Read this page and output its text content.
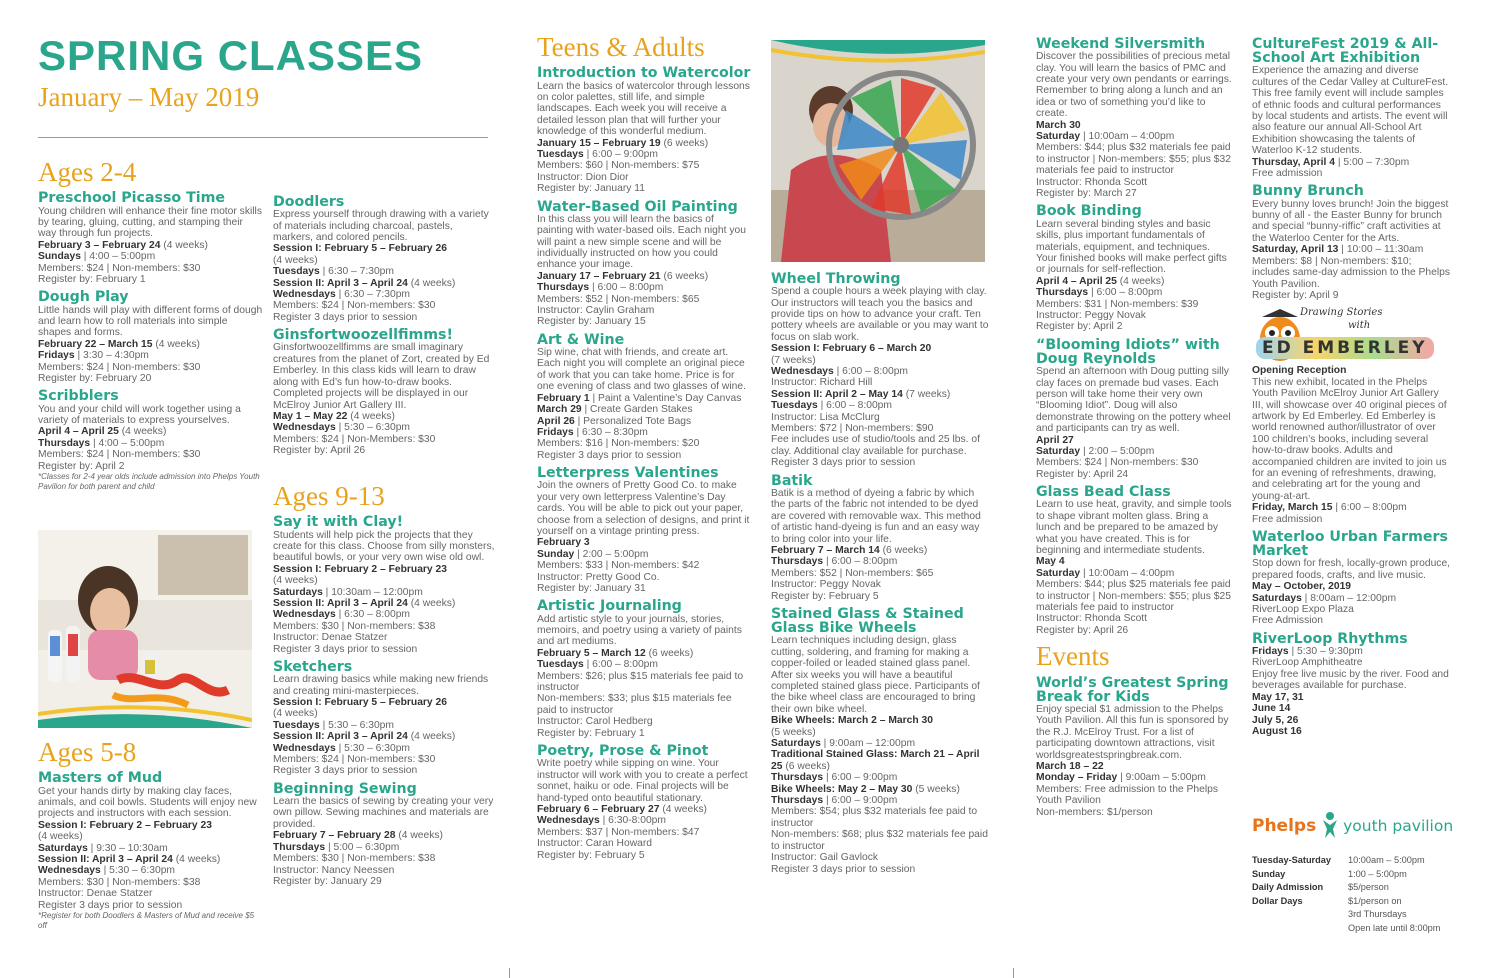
SPRING CLASSES
January – May 2019
Ages 2-4
Preschool Picasso Time
Young children will enhance their fine motor skills by tearing, gluing, cutting, and stamping their way through fun projects.
February 3 – February 24 (4 weeks)
Sundays | 4:00 – 5:00pm
Members: $24 | Non-members: $30
Register by: February 1
Dough Play
Little hands will play with different forms of dough and learn how to roll materials into simple shapes and forms.
February 22 – March 15 (4 weeks)
Fridays | 3:30 – 4:30pm
Members: $24 | Non-members: $30
Register by: February 20
Scribblers
You and your child will work together using a variety of materials to express yourselves.
April 4 – April 25 (4 weeks)
Thursdays | 4:00 – 5:00pm
Members: $24 | Non-members: $30
Register by: April 2
*Classes for 2-4 year olds include admission into Phelps Youth Pavilion for both parent and child
Ages 5-8
Masters of Mud
Get your hands dirty by making clay faces, animals, and coil bowls. Students will enjoy new projects and instructors with each session.
Session I: February 2 – February 23
(4 weeks)
Saturdays | 9:30 – 10:30am
Session II: April 3 – April 24 (4 weeks)
Wednesdays | 5:30 – 6:30pm
Members: $30 | Non-members: $38
Instructor: Denae Statzer
Register 3 days prior to session
*Register for both Doodlers & Masters of Mud and receive $5 off
Doodlers
Express yourself through drawing with a variety of materials including charcoal, pastels, markers, and colored pencils.
Session I: February 5 – February 26
(4 weeks)
Tuesdays | 6:30 – 7:30pm
Session II: April 3 – April 24 (4 weeks)
Wednesdays | 6:30 – 7:30pm
Members: $24 | Non-members: $30
Register 3 days prior to session
Ginsfortwoozellfimms!
Ginsfortwoozellfimms are small imaginary creatures from the planet of Zort, created by Ed Emberley. In this class kids will learn to draw along with Ed’s fun how-to-draw books. Completed projects will be displayed in our McElroy Junior Art Gallery III.
May 1 – May 22 (4 weeks)
Wednesdays | 5:30 – 6:30pm
Members: $24 | Non-Members: $30
Register by: April 26
Ages 9-13
Say it with Clay!
Students will help pick the projects that they create for this class. Choose from silly monsters, beautiful bowls, or your very own wise old owl.
Session I: February 2 – February 23
(4 weeks)
Saturdays | 10:30am – 12:00pm
Session II: April 3 – April 24 (4 weeks)
Wednesdays | 6:30 – 8:00pm
Members: $30 | Non-members: $38
Instructor: Denae Statzer
Register 3 days prior to session
Sketchers
Learn drawing basics while making new friends and creating mini-masterpieces.
Session I: February 5 – February 26
(4 weeks)
Tuesdays | 5:30 – 6:30pm
Session II: April 3 – April 24 (4 weeks)
Wednesdays | 5:30 – 6:30pm
Members: $24 | Non-members: $30
Register 3 days prior to session
Beginning Sewing
Learn the basics of sewing by creating your very own pillow. Sewing machines and materials are provided.
February 7 – February 28 (4 weeks)
Thursdays | 5:00 – 6:30pm
Members: $30 | Non-members: $38
Instructor: Nancy Neessen
Register by: January 29
Teens & Adults
Introduction to Watercolor
Learn the basics of watercolor through lessons on color palettes, still life, and simple landscapes. Each week you will receive a detailed lesson plan that will further your knowledge of this wonderful medium.
January 15 – February 19 (6 weeks)
Tuesdays | 6:00 – 9:00pm
Members: $60 | Non-members: $75
Instructor: Dion Dior
Register by: January 11
Water-Based Oil Painting
In this class you will learn the basics of painting with water-based oils. Each night you will paint a new simple scene and will be individually instructed on how you could enhance your image.
January 17 – February 21 (6 weeks)
Thursdays | 6:00 – 8:00pm
Members: $52 | Non-members: $65
Instructor: Caylin Graham
Register by: January 15
Art & Wine
Sip wine, chat with friends, and create art. Each night you will complete an original piece of work that you can take home. Price is for one evening of class and two glasses of wine.
February 1 | Paint a Valentine’s Day Canvas
March 29 | Create Garden Stakes
April 26 | Personalized Tote Bags
Fridays | 6:30 – 8:30pm
Members: $16 | Non-members: $20
Register 3 days prior to session
Letterpress Valentines
Join the owners of Pretty Good Co. to make your very own letterpress Valentine’s Day cards. You will be able to pick out your paper, choose from a selection of designs, and print it yourself on a vintage printing press.
February 3
Sunday | 2:00 – 5:00pm
Members: $33 | Non-members: $42
Instructor: Pretty Good Co.
Register by: January 31
Artistic Journaling
Add artistic style to your journals, stories, memoirs, and poetry using a variety of paints and art mediums.
February 5 – March 12 (6 weeks)
Tuesdays | 6:00 – 8:00pm
Members: $26; plus $15 materials fee paid to instructor
Non-members: $33; plus $15 materials fee paid to instructor
Instructor: Carol Hedberg
Register by: February 1
Poetry, Prose & Pinot
Write poetry while sipping on wine. Your instructor will work with you to create a perfect sonnet, haiku or ode. Final projects will be hand-typed onto beautiful stationary.
February 6 – February 27 (4 weeks)
Wednesdays | 6:30-8:00pm
Members: $37 | Non-members: $47
Instructor: Caran Howard
Register by: February 5
Wheel Throwing
Spend a couple hours a week playing with clay. Our instructors will teach you the basics and provide tips on how to advance your craft. Ten pottery wheels are available or you may want to focus on slab work.
Session I: February 6 – March 20
(7 weeks)
Wednesdays | 6:00 – 8:00pm
Instructor: Richard Hill
Session II: April 2 – May 14 (7 weeks)
Tuesdays | 6:00 – 8:00pm
Instructor: Lisa McClurg
Members: $72 | Non-members: $90
Fee includes use of studio/tools and 25 lbs. of clay. Additional clay available for purchase.
Register 3 days prior to session
Batik
Batik is a method of dyeing a fabric by which the parts of the fabric not intended to be dyed are covered with removable wax. This method of artistic hand-dyeing is fun and an easy way to bring color into your life.
February 7 – March 14 (6 weeks)
Thursdays | 6:00 – 8:00pm
Members: $52 | Non-members: $65
Instructor: Peggy Novak
Register by: February 5
Stained Glass & Stained Glass Bike Wheels
Learn techniques including design, glass cutting, soldering, and framing for making a copper-foiled or leaded stained glass panel. After six weeks you will have a beautiful completed stained glass piece. Participants of the bike wheel class are encouraged to bring their own bike wheel.
Bike Wheels: March 2 – March 30
(5 weeks)
Saturdays | 9:00am – 12:00pm
Traditional Stained Glass: March 21 – April 25 (6 weeks)
Thursdays | 6:00 – 9:00pm
Bike Wheels: May 2 – May 30 (5 weeks)
Thursdays | 6:00 – 9:00pm
Members: $54; plus $32 materials fee paid to instructor
Non-members: $68; plus $32 materials fee paid to instructor
Instructor: Gail Gavlock
Register 3 days prior to session
Weekend Silversmith
Discover the possibilities of precious metal clay. You will learn the basics of PMC and create your very own pendants or earrings. Remember to bring along a lunch and an idea or two of something you’d like to create.
March 30
Saturday | 10:00am – 4:00pm
Members: $44; plus $32 materials fee paid to instructor | Non-members: $55; plus $32 materials fee paid to instructor
Instructor: Rhonda Scott
Register by: March 27
Book Binding
Learn several binding styles and basic skills, plus important fundamentals of materials, equipment, and techniques. Your finished books will make perfect gifts or journals for self-reflection.
April 4 – April 25 (4 weeks)
Thursdays | 6:00 – 8:00pm
Members: $31 | Non-members: $39
Instructor: Peggy Novak
Register by: April 2
“Blooming Idiots” with Doug Reynolds
Spend an afternoon with Doug putting silly clay faces on premade bud vases. Each person will take home their very own “Blooming Idiot”. Doug will also demonstrate throwing on the pottery wheel and participants can try as well.
April 27
Saturday | 2:00 – 5:00pm
Members: $24 | Non-members: $30
Register by: April 24
Glass Bead Class
Learn to use heat, gravity, and simple tools to shape vibrant molten glass. Bring a lunch and be prepared to be amazed by what you have created. This is for beginning and intermediate students.
May 4
Saturday | 10:00am – 4:00pm
Members: $44; plus $25 materials fee paid to instructor | Non-members: $55; plus $25 materials fee paid to instructor
Instructor: Rhonda Scott
Register by: April 26
Events
World’s Greatest Spring Break for Kids
Enjoy special $1 admission to the Phelps Youth Pavilion. All this fun is sponsored by the R.J. McElroy Trust. For a list of participating downtown attractions, visit worldsgreatestspringbreak.com.
March 18 – 22
Monday – Friday | 9:00am – 5:00pm
Members: Free admission to the Phelps Youth Pavilion
Non-members: $1/person
CultureFest 2019 & All-School Art Exhibition
Experience the amazing and diverse cultures of the Cedar Valley at CultureFest. This free family event will include samples of ethnic foods and cultural performances by local students and artists. The event will also feature our annual All-School Art Exhibition showcasing the talents of Waterloo K-12 students.
Thursday, April 4 | 5:00 – 7:30pm
Free admission
Bunny Brunch
Every bunny loves brunch! Join the biggest bunny of all - the Easter Bunny for brunch and special “bunny-riffic” craft activities at the Waterloo Center for the Arts.
Saturday, April 13 | 10:00 – 11:30am
Members: $8 | Non-members: $10; includes same-day admission to the Phelps Youth Pavilion.
Register by: April 9
Drawing Stories
with
ED EMBERLEY
Opening Reception
This new exhibit, located in the Phelps Youth Pavilion McElroy Junior Art Gallery III, will showcase over 40 original pieces of artwork by Ed Emberley. Ed Emberley is world renowned author/illustrator of over 100 children’s books, including several how-to-draw books. Adults and accompanied children are invited to join us for an evening of refreshments, drawing, and celebrating art for the young and young-at-art.
Friday, March 15 | 6:00 – 8:00pm
Free admission
Waterloo Urban Farmers Market
Stop down for fresh, locally-grown produce, prepared foods, crafts, and live music.
May – October, 2019
Saturdays | 8:00am – 12:00pm
RiverLoop Expo Plaza
Free Admission
RiverLoop Rhythms
Fridays | 5:30 – 9:30pm
RiverLoop Amphitheatre
Enjoy free live music by the river. Food and beverages available for purchase.
May 17, 31
June 14
July 5, 26
August 16
Phelps youth pavilion
Tuesday-Saturday	10:00am – 5:00pm
Sunday	1:00 – 5:00pm
Daily Admission	$5/person
Dollar Days	$1/person on
	3rd Thursdays
	Open late until 8:00pm
